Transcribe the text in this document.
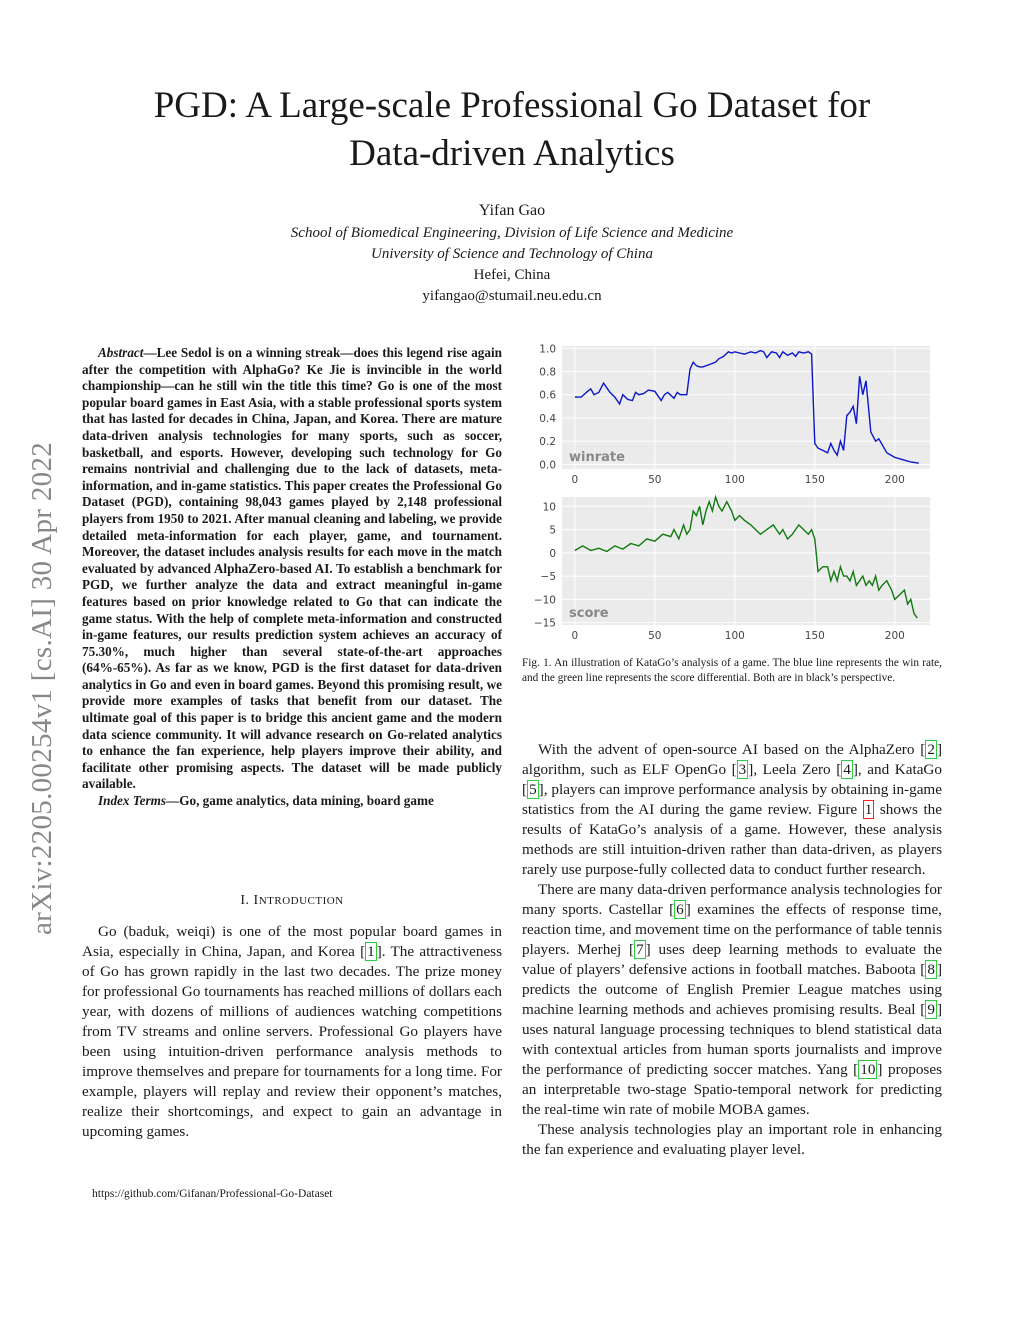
PGD: A Large-scale Professional Go Dataset for
Data-driven Analytics
Yifan Gao
School of Biomedical Engineering, Division of Life Science and Medicine
University of Science and Technology of China
Hefei, China
yifangao@stumail.neu.edu.cn
arXiv:2205.00254v1 [cs.AI] 30 Apr 2022

Abstract—Lee Sedol is on a winning streak—does this legend rise again after the competition with AlphaGo? Ke Jie is invincible in the world championship—can he still win the title this time? Go is one of the most popular board games in East Asia, with a stable professional sports system that has lasted for decades in China, Japan, and Korea. There are mature data-driven analysis technologies for many sports, such as soccer, basketball, and esports. However, developing such technology for Go remains nontrivial and challenging due to the lack of datasets, meta-information, and in-game statistics. This paper creates the Professional Go Dataset (PGD), containing 98,043 games played by 2,148 professional players from 1950 to 2021. After manual cleaning and labeling, we provide detailed meta-information for each player, game, and tournament. Moreover, the dataset includes analysis results for each move in the match evaluated by advanced AlphaZero-based AI. To establish a benchmark for PGD, we further analyze the data and extract meaningful in-game features based on prior knowledge related to Go that can indicate the game status. With the help of complete meta-information and constructed in-game features, our results prediction system achieves an accuracy of 75.30%, much higher than several state-of-the-art approaches (64%-65%). As far as we know, PGD is the first dataset for data-driven analytics in Go and even in board games. Beyond this promising result, we provide more examples of tasks that benefit from our dataset. The ultimate goal of this paper is to bridge this ancient game and the modern data science community. It will advance research on Go-related analytics to enhance the fan experience, help players improve their ability, and facilitate other promising aspects. The dataset will be made publicly available.

Index Terms—Go, game analytics, data mining, board game

I. INTRODUCTION

Go (baduk, weiqi) is one of the most popular board games in Asia, especially in China, Japan, and Korea [ 1 ]. The attractiveness of Go has grown rapidly in the last two decades. The prize money for professional Go tournaments has reached millions of dollars each year, with dozens of millions of audiences watching competitions from TV streams and online servers. Professional Go players have been using intuition-driven performance analysis methods to improve themselves and prepare for tournaments for a long time. For example, players will replay and review their opponent’s matches, realize their shortcomings, and expect to gain an advantage in upcoming games.

https://github.com/Gifanan/Professional-Go-Dataset
0.0
0.2
0.4
0.6
0.8
1.0
0	50	100	150	200
winrate
10
5
0
−5
−10
−15
0	50	100	150	200
score
Fig. 1. An illustration of KataGo’s analysis of a game. The blue line represents the win rate, and the green line represents the score differential. Both are in black’s perspective.

With the advent of open-source AI based on the AlphaZero [ 2 ] algorithm, such as ELF OpenGo [ 3 ], Leela Zero [ 4 ], and KataGo [ 5 ], players can improve performance analysis by obtaining in-game statistics from the AI during the game review. Figure 1 shows the results of KataGo’s analysis of a game. However, these analysis methods are still intuition-driven rather than data-driven, as players rarely use purpose-fully collected data to conduct further research.

There are many data-driven performance analysis technologies for many sports. Castellar [ 6 ] examines the effects of response time, reaction time, and movement time on the performance of table tennis players. Merhej [ 7 ] uses deep learning methods to evaluate the value of players’ defensive actions in football matches. Baboota [ 8 ] predicts the outcome of English Premier League matches using machine learning methods and achieves promising results. Beal [ 9 ] uses natural language processing techniques to blend statistical data with contextual articles from human sports journalists and improve the performance of predicting soccer matches. Yang [ 10 ] proposes an interpretable two-stage Spatio-temporal network for predicting the real-time win rate of mobile MOBA games.

These analysis technologies play an important role in enhancing the fan experience and evaluating player level.
